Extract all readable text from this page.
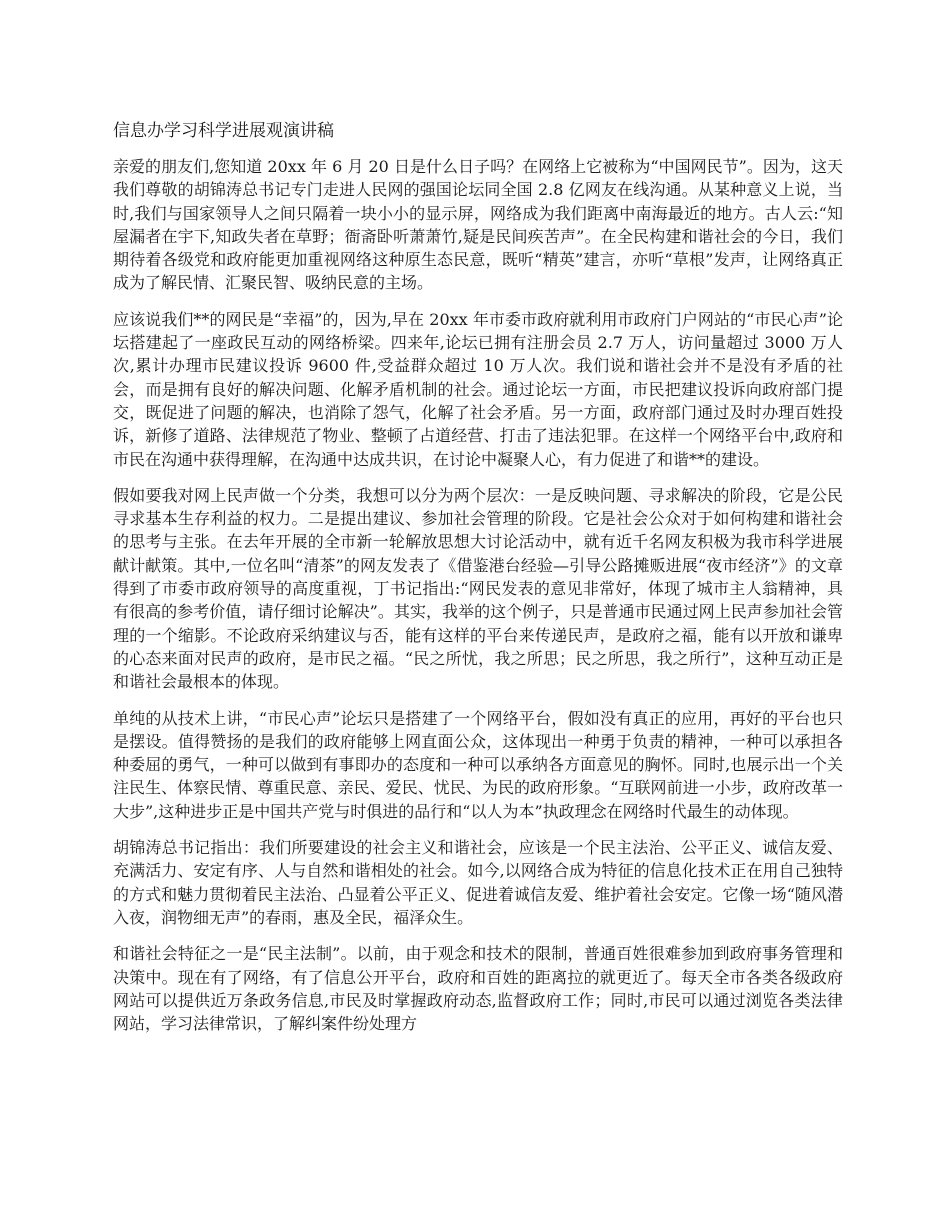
信息办学习科学进展观演讲稿

亲爱的朋友们,您知道 20xx 年 6 月 20 日是什么日子吗？在网络上它被称为“中国网民节”。因为，这天我们尊敬的胡锦涛总书记专门走进人民网的强国论坛同全国 2.8 亿网友在线沟通。从某种意义上说，当时,我们与国家领导人之间只隔着一块小小的显示屏，网络成为我们距离中南海最近的地方。古人云:“知屋漏者在宇下,知政失者在草野；衙斋卧听萧萧竹,疑是民间疾苦声”。在全民构建和谐社会的今日，我们期待着各级党和政府能更加重视网络这种原生态民意，既听“精英”建言，亦听“草根”发声，让网络真正成为了解民情、汇聚民智、吸纳民意的主场。

应该说我们**的网民是“幸福”的，因为,早在 20xx 年市委市政府就利用市政府门户网站的“市民心声”论坛搭建起了一座政民互动的网络桥梁。四来年,论坛已拥有注册会员 2.7 万人，访问量超过 3000 万人次,累计办理市民建议投诉 9600 件,受益群众超过 10 万人次。我们说和谐社会并不是没有矛盾的社会，而是拥有良好的解决问题、化解矛盾机制的社会。通过论坛一方面，市民把建议投诉向政府部门提交，既促进了问题的解决，也消除了怨气，化解了社会矛盾。另一方面，政府部门通过及时办理百姓投诉，新修了道路、法律规范了物业、整顿了占道经营、打击了违法犯罪。在这样一个网络平台中,政府和市民在沟通中获得理解，在沟通中达成共识，在讨论中凝聚人心，有力促进了和谐**的建设。

假如要我对网上民声做一个分类，我想可以分为两个层次：一是反映问题、寻求解决的阶段，它是公民寻求基本生存利益的权力。二是提出建议、参加社会管理的阶段。它是社会公众对于如何构建和谐社会的思考与主张。在去年开展的全市新一轮解放思想大讨论活动中，就有近千名网友积极为我市科学进展献计献策。其中,一位名叫“清茶”的网友发表了《借鉴港台经验—引导公路摊贩进展“夜市经济”》的文章得到了市委市政府领导的高度重视，丁书记指出:“网民发表的意见非常好，体现了城市主人翁精神，具有很高的参考价值，请仔细讨论解决”。其实，我举的这个例子，只是普通市民通过网上民声参加社会管理的一个缩影。不论政府采纳建议与否，能有这样的平台来传递民声，是政府之福，能有以开放和谦卑的心态来面对民声的政府，是市民之福。“民之所忧，我之所思；民之所思，我之所行”，这种互动正是和谐社会最根本的体现。

单纯的从技术上讲，“市民心声”论坛只是搭建了一个网络平台，假如没有真正的应用，再好的平台也只是摆设。值得赞扬的是我们的政府能够上网直面公众，这体现出一种勇于负责的精神，一种可以承担各种委屈的勇气，一种可以做到有事即办的态度和一种可以承纳各方面意见的胸怀。同时,也展示出一个关注民生、体察民情、尊重民意、亲民、爱民、忧民、为民的政府形象。“互联网前进一小步，政府改革一大步”,这种进步正是中国共产党与时俱进的品行和“以人为本”执政理念在网络时代最生的动体现。

胡锦涛总书记指出：我们所要建设的社会主义和谐社会，应该是一个民主法治、公平正义、诚信友爱、充满活力、安定有序、人与自然和谐相处的社会。如今,以网络合成为特征的信息化技术正在用自己独特的方式和魅力贯彻着民主法治、凸显着公平正义、促进着诚信友爱、维护着社会安定。它像一场“随风潜入夜，润物细无声”的春雨，惠及全民，福泽众生。

和谐社会特征之一是“民主法制”。以前，由于观念和技术的限制，普通百姓很难参加到政府事务管理和决策中。现在有了网络，有了信息公开平台，政府和百姓的距离拉的就更近了。每天全市各类各级政府网站可以提供近万条政务信息,市民及时掌握政府动态,监督政府工作；同时,市民可以通过浏览各类法律网站，学习法律常识，了解纠案件纷处理方
